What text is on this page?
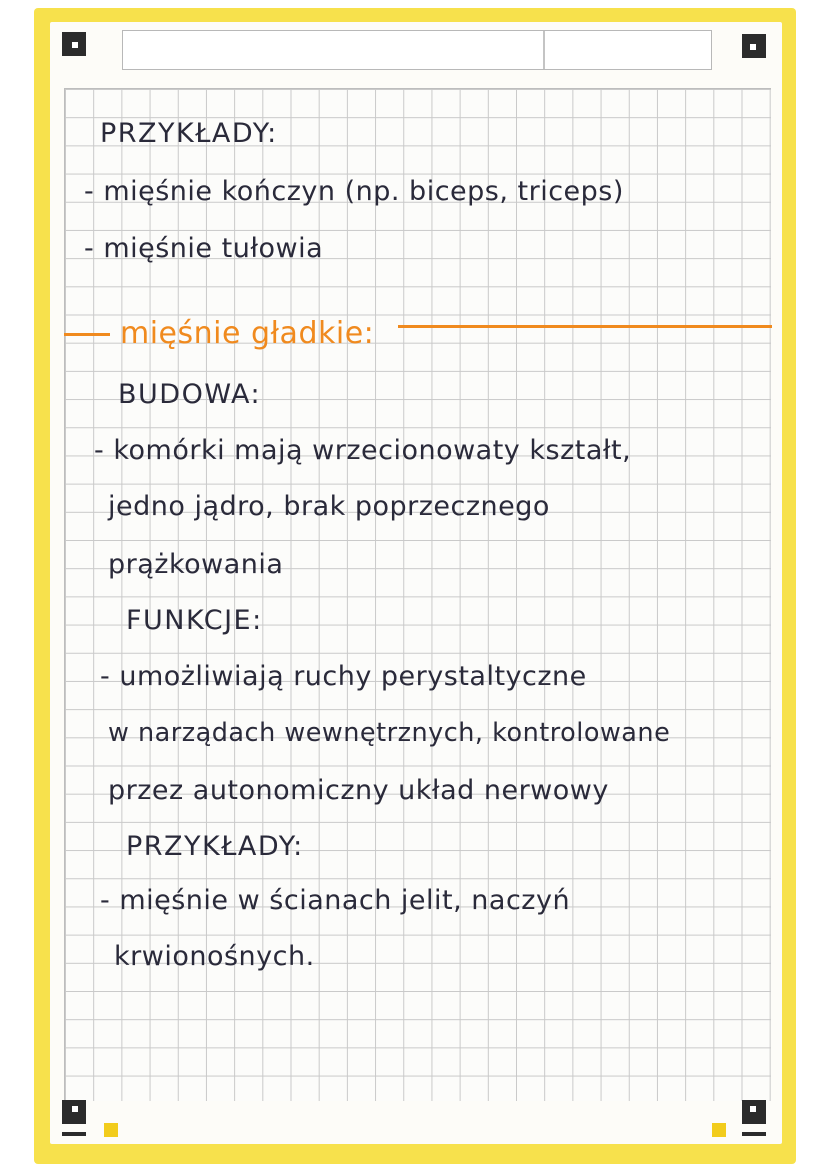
PRZYKŁADY:

- mięśnie kończyn (np. biceps, triceps)

- mięśnie tułowia

mięśnie gładkie:

BUDOWA:

- komórki mają wrzecionowaty kształt,

jedno jądro, brak poprzecznego

prążkowania

FUNKCJE:

- umożliwiają ruchy perystaltyczne

w narządach wewnętrznych, kontrolowane

przez autonomiczny układ nerwowy

PRZYKŁADY:

- mięśnie w ścianach jelit, naczyń

krwionośnych.
